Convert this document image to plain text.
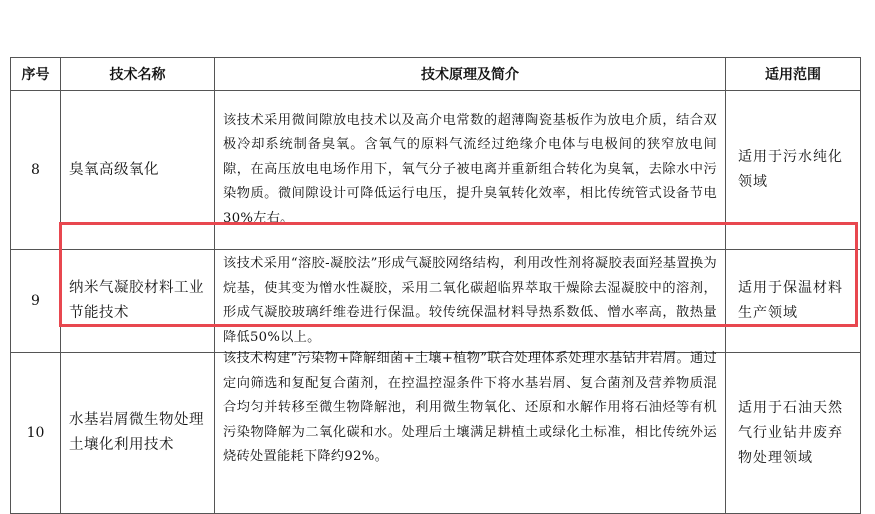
序号	技术名称	技术原理及简介	适用范围
8	臭氧高级氧化	该技术采用微间隙放电技术以及高介电常数的超薄陶瓷基板作为放电介质，结合双极冷却系统制备臭氧。含氧气的原料气流经过绝缘介电体与电极间的狭窄放电间隙，在高压放电电场作用下，氧气分子被电离并重新组合转化为臭氧，去除水中污染物质。微间隙设计可降低运行电压，提升臭氧转化效率，相比传统管式设备节电30%左右。	适用于污水纯化领域
9	纳米气凝胶材料工业节能技术	该技术采用“溶胶-凝胶法”形成气凝胶网络结构，利用改性剂将凝胶表面羟基置换为烷基，使其变为憎水性凝胶，采用二氧化碳超临界萃取干燥除去湿凝胶中的溶剂，形成气凝胶玻璃纤维卷进行保温。较传统保温材料导热系数低、憎水率高，散热量降低50%以上。	适用于保温材料生产领域
10	水基岩屑微生物处理土壤化利用技术	该技术构建“污染物+降解细菌+土壤+植物”联合处理体系处理水基钻井岩屑。通过定向筛选和复配复合菌剂，在控温控湿条件下将水基岩屑、复合菌剂及营养物质混合均匀并转移至微生物降解池，利用微生物氧化、还原和水解作用将石油烃等有机污染物降解为二氧化碳和水。处理后土壤满足耕植土或绿化土标准，相比传统外运烧砖处置能耗下降约92%。	适用于石油天然气行业钻井废弃物处理领域
